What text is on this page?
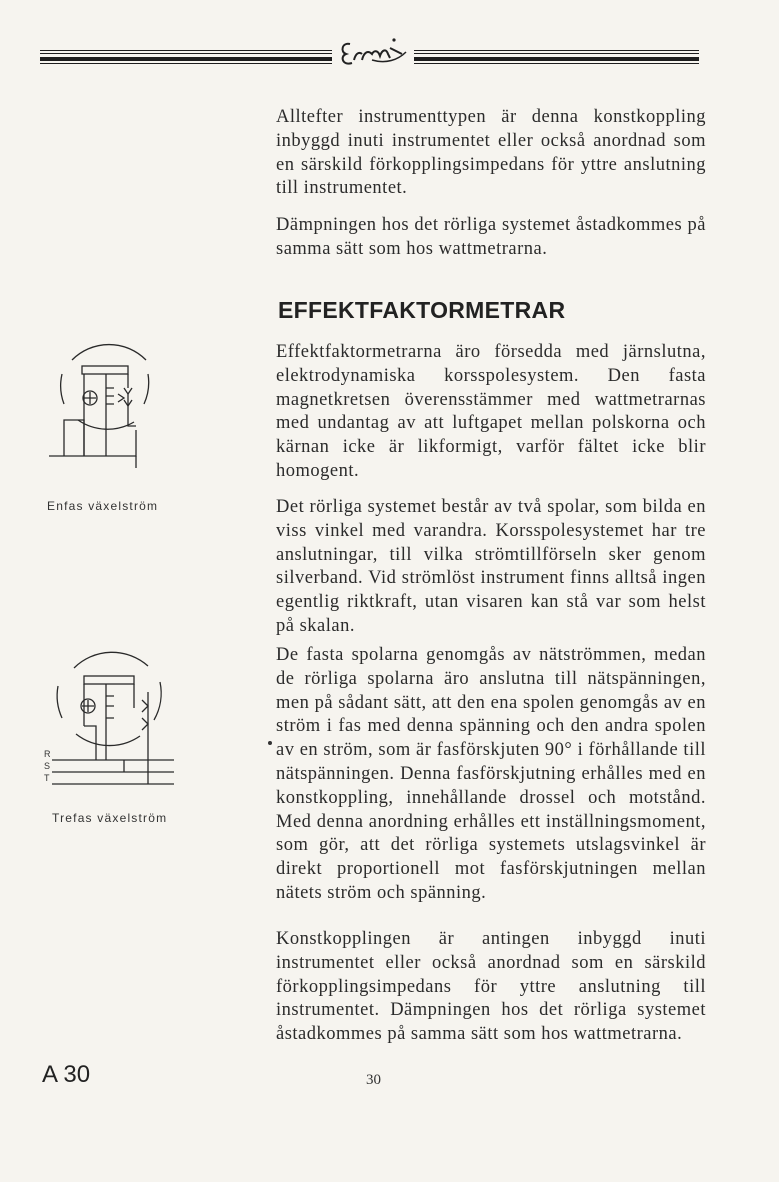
Alltefter instrumenttypen är denna konstkoppling inbyggd inuti instrumentet eller också anordnad som en särskild förkopplingsimpedans för yttre anslutning till instrumentet.

Dämpningen hos det rörliga systemet åstadkommes på samma sätt som hos wattmetrarna.

EFFEKTFAKTORMETRAR

Effektfaktormetrarna äro försedda med järnslutna, elektrodynamiska korsspolesystem. Den fasta magnetkretsen överensstämmer med wattmetrarnas med undantag av att luftgapet mellan polskorna och kärnan icke är likformigt, varför fältet icke blir homogent.

Det rörliga systemet består av två spolar, som bilda en viss vinkel med varandra. Korsspolesystemet har tre anslutningar, till vilka strömtillförseln sker genom silverband. Vid strömlöst instrument finns alltså ingen egentlig riktkraft, utan visaren kan stå var som helst på skalan.

De fasta spolarna genomgås av nätströmmen, medan de rörliga spolarna äro anslutna till nätspänningen, men på sådant sätt, att den ena spolen genomgås av en ström i fas med denna spänning och den andra spolen av en ström, som är fasförskjuten 90° i förhållande till nätspänningen. Denna fasförskjutning erhålles med en konstkoppling, innehållande drossel och motstånd. Med denna anordning erhålles ett inställningsmoment, som gör, att det rörliga systemets utslagsvinkel är direkt proportionell mot fasförskjutningen mellan nätets ström och spänning.

Konstkopplingen är antingen inbyggd inuti instrumentet eller också anordnad som en särskild förkopplingsimpedans för yttre anslutning till instrumentet. Dämpningen hos det rörliga systemet åstadkommes på samma sätt som hos wattmetrarna.

Enfas växelström
R
S
T
Trefas växelström
A 30	30
